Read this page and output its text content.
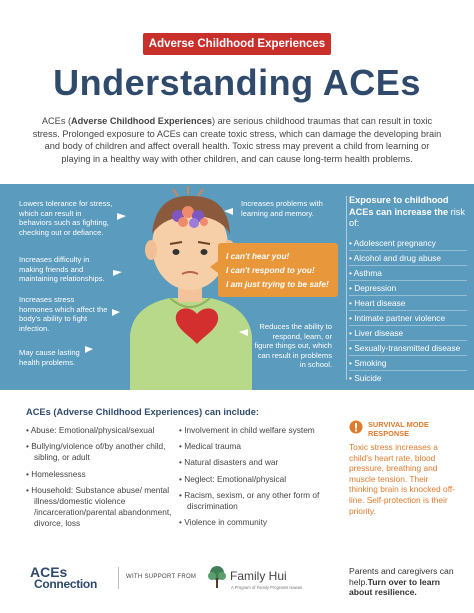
Adverse Childhood Experiences
Understanding ACEs
ACEs (Adverse Childhood Experiences) are serious childhood traumas that can result in toxic stress. Prolonged exposure to ACEs can create toxic stress, which can damage the developing brain and body of children and affect overall health. Toxic stress may prevent a child from learning or playing in a healthy way with other children, and can cause long-term health problems.
Lowers tolerance for stress, which can result in behaviors such as fighting, checking out or defiance.
Increases difficulty in making friends and maintaining relationships.
Increases stress hormones which affect the body's ability to fight infection.
May cause lasting health problems.
Increases problems with learning and memory.
Reduces the ability to respond, learn, or figure things out, which can result in problems in school.
I can't hear you!
I can't respond to you!
I am just trying to be safe!
Exposure to childhood ACEs can increase the risk of:
• Adolescent pregnancy
• Alcohol and drug abuse
• Asthma
• Depression
• Heart disease
• Intimate partner violence
• Liver disease
• Sexually-transmitted disease
• Smoking
• Suicide
ACEs (Adverse Childhood Experiences) can include:
• Abuse: Emotional/physical/sexual
• Bullying/violence of/by another child, sibling, or adult
• Homelessness
• Household: Substance abuse/ mental illness/domestic violence /incarceration/parental abandonment, divorce, loss
• Involvement in child welfare system
• Medical trauma
• Natural disasters and war
• Neglect: Emotional/physical
• Racism, sexism, or any other form of discrimination
• Violence in community
SURVIVAL MODE
RESPONSE
Toxic stress increases a child's heart rate, blood pressure, breathing and muscle tension. Their thinking brain is knocked off-line. Self-protection is their priority.
ACEs
Connection	WITH SUPPORT FROM	Family Hui
A Program of Family Programs Hawaii
Parents and caregivers can help.Turn over to learn about resilience.
